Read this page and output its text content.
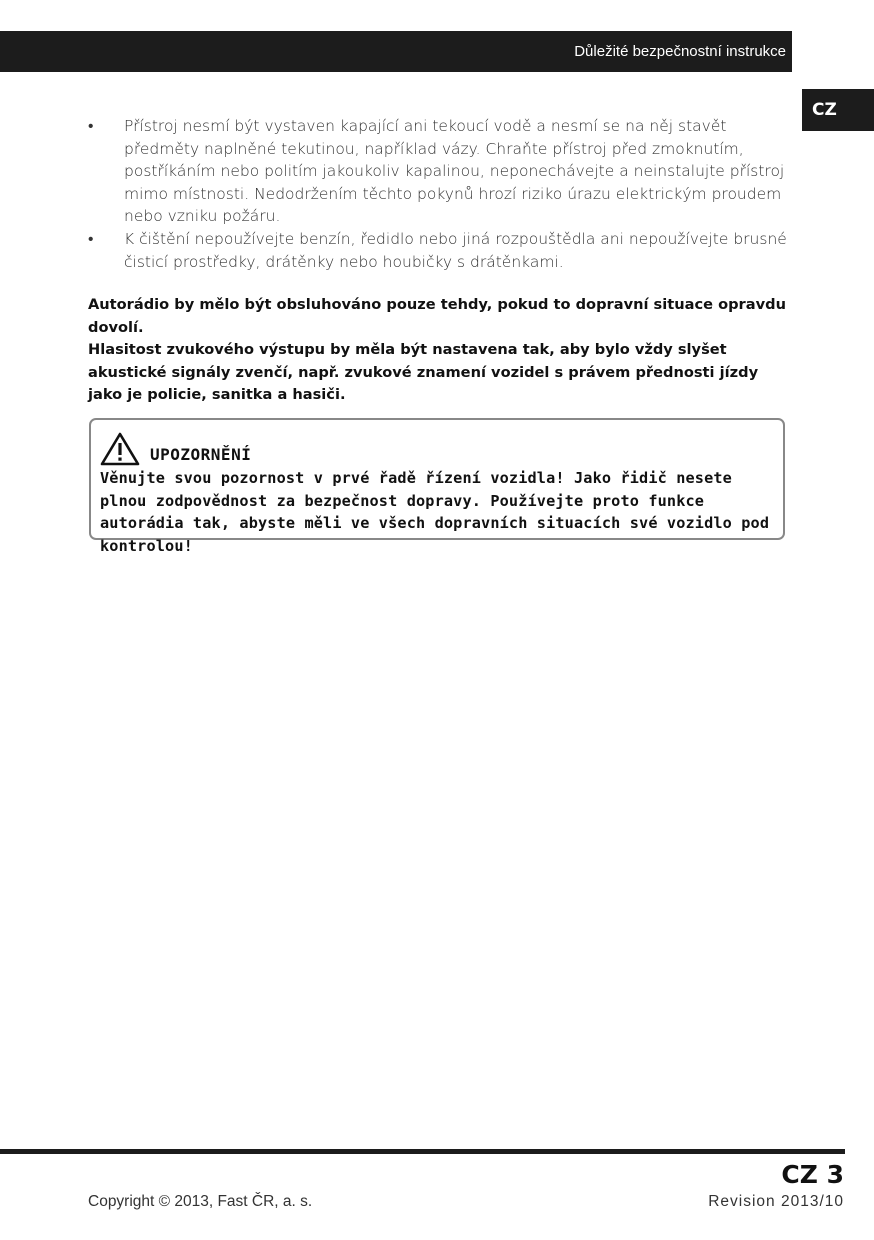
Důležité bezpečnostní instrukce
CZ
• Přístroj nesmí být vystaven kapající ani tekoucí vodě a nesmí se na něj stavět předměty naplněné tekutinou, například vázy. Chraňte přístroj před zmoknutím, postříkáním nebo politím jakoukoliv kapalinou, neponechávejte a neinstalujte přístroj mimo místnosti. Nedodržením těchto pokynů hrozí riziko úrazu elektrickým proudem nebo vzniku požáru.
• K čištění nepoužívejte benzín, ředidlo nebo jiná rozpouštědla ani nepoužívejte brusné čisticí prostředky, drátěnky nebo houbičky s drátěnkami.

Autorádio by mělo být obsluhováno pouze tehdy, pokud to dopravní situace opravdu dovolí.

Hlasitost zvukového výstupu by měla být nastavena tak, aby bylo vždy slyšet akustické signály zvenčí, např. zvukové znamení vozidel s právem přednosti jízdy jako je policie, sanitka a hasiči.

UPOZORNĚNÍ

Věnujte svou pozornost v prvé řadě řízení vozidla! Jako řidič nesete plnou zodpovědnost za bezpečnost dopravy. Používejte proto funkce autorádia tak, abyste měli ve všech dopravních situacích své vozidlo pod kontrolou!

CZ 3
Copyright © 2013, Fast ČR, a. s.	Revision 2013/10
